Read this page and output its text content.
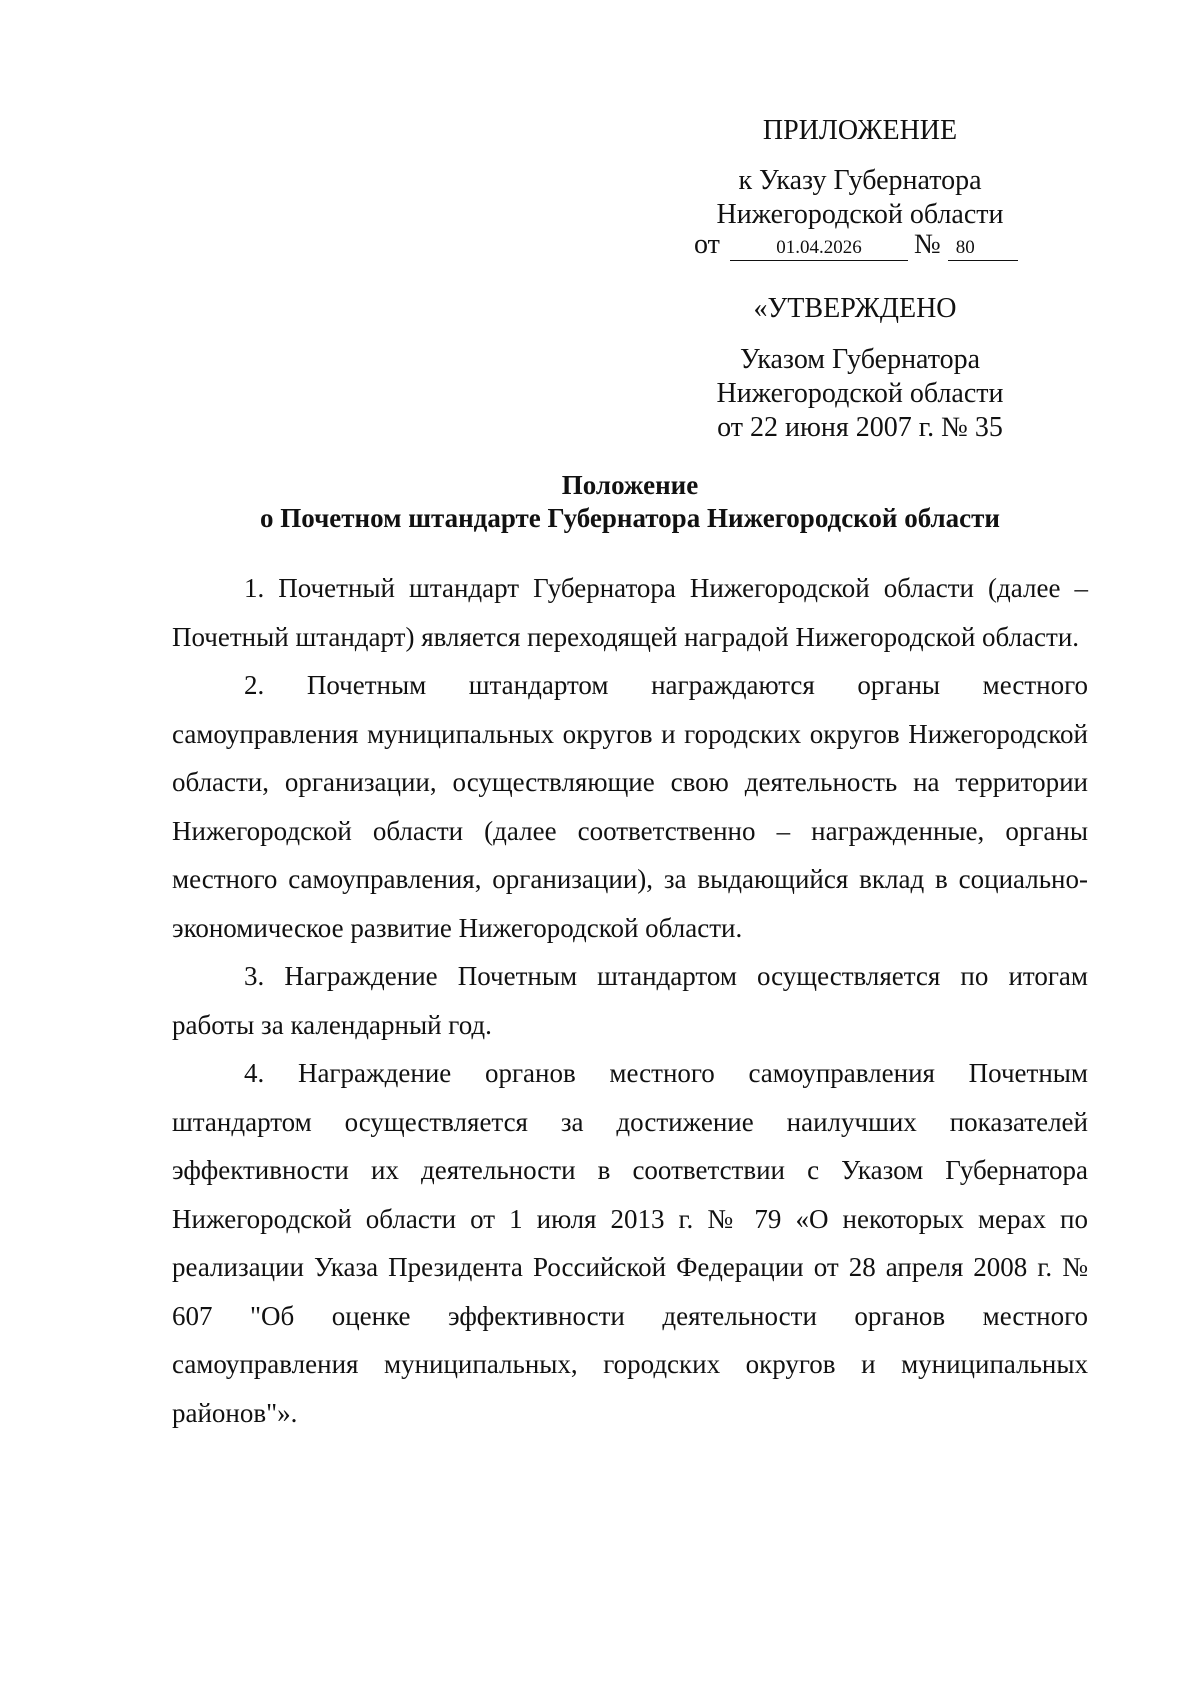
ПРИЛОЖЕНИЕ
к Указу Губернатора
Нижегородской области
от	01.04.2026 № 80
«УТВЕРЖДЕНО
Указом Губернатора
Нижегородской области
от 22 июня 2007 г. № 35
Положение
о Почетном штандарте Губернатора Нижегородской области

1. Почетный штандарт Губернатора Нижегородской области (далее – Почетный штандарт) является переходящей наградой Нижегородской области.

2. Почетным штандартом награждаются органы местного самоуправления муниципальных округов и городских округов Нижегородской области, организации, осуществляющие свою деятельность на территории Нижегородской области (далее соответственно – награжденные, органы местного самоуправления, организации), за выдающийся вклад в социально-экономическое развитие Нижегородской области.

3. Награждение Почетным штандартом осуществляется по итогам работы за календарный год.

4. Награждение органов местного самоуправления Почетным штандартом осуществляется за достижение наилучших показателей эффективности их деятельности в соответствии с Указом Губернатора Нижегородской области от 1 июля 2013 г. № 79 «О некоторых мерах по реализации Указа Президента Российской Федерации от 28 апреля 2008 г. № 607 "Об оценке эффективности деятельности органов местного самоуправления муниципальных, городских округов и муниципальных районов"».
